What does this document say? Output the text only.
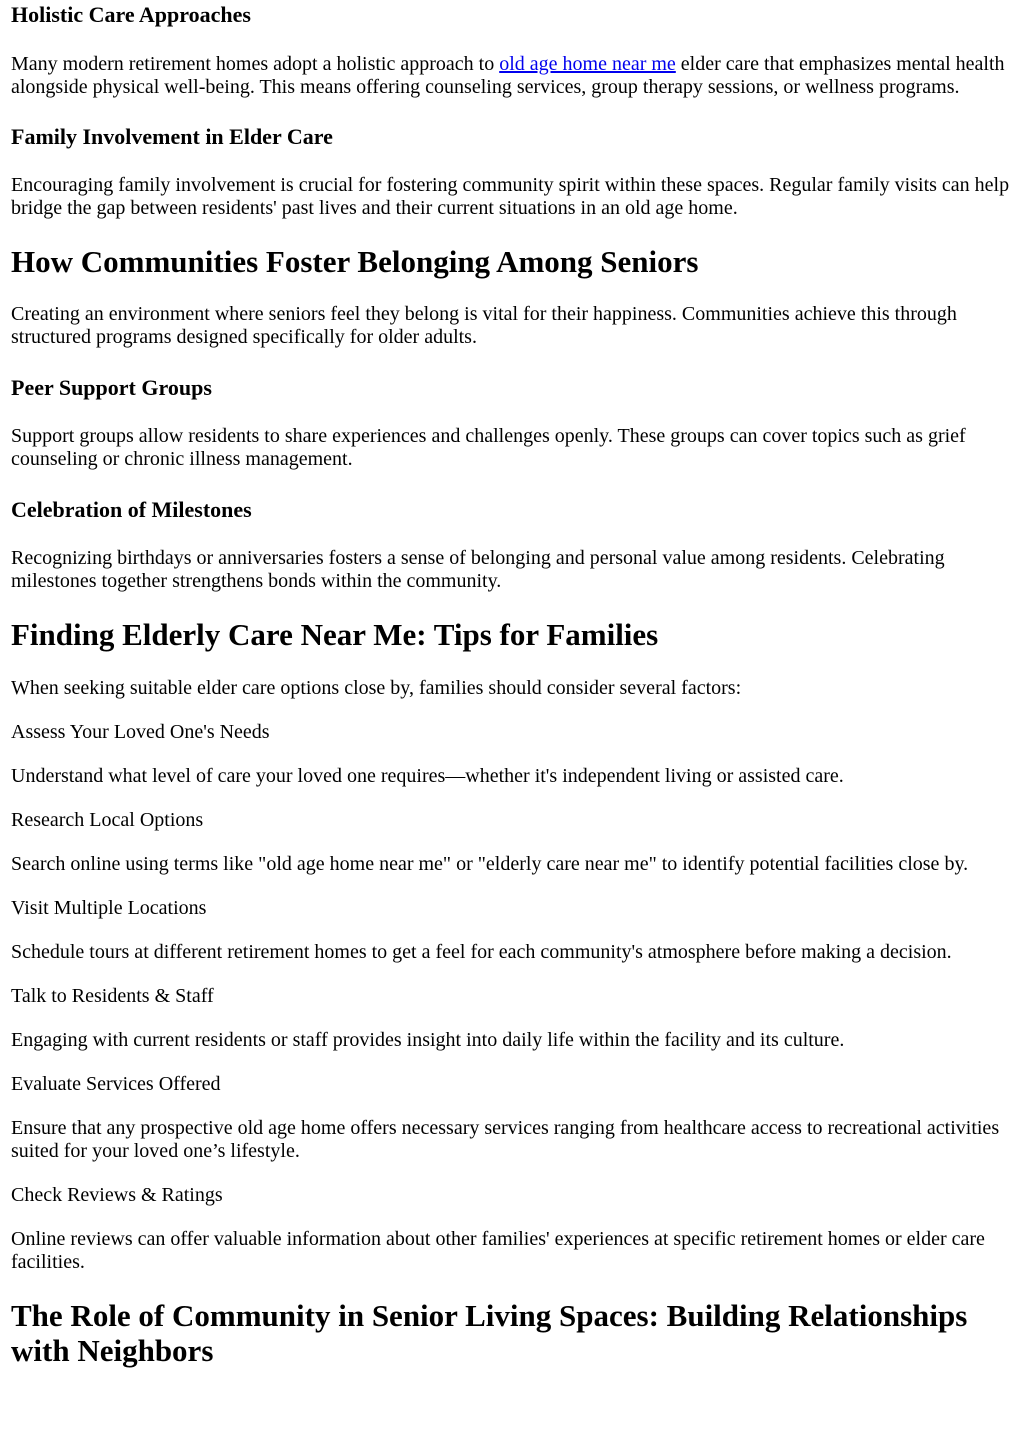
Holistic Care Approaches

Many modern retirement homes adopt a holistic approach to old age home near me elder care that emphasizes mental health alongside physical well-being. This means offering counseling services, group therapy sessions, or wellness programs.

Family Involvement in Elder Care

Encouraging family involvement is crucial for fostering community spirit within these spaces. Regular family visits can help bridge the gap between residents' past lives and their current situations in an old age home.

How Communities Foster Belonging Among Seniors

Creating an environment where seniors feel they belong is vital for their happiness. Communities achieve this through structured programs designed specifically for older adults.

Peer Support Groups

Support groups allow residents to share experiences and challenges openly. These groups can cover topics such as grief counseling or chronic illness management.

Celebration of Milestones

Recognizing birthdays or anniversaries fosters a sense of belonging and personal value among residents. Celebrating milestones together strengthens bonds within the community.

Finding Elderly Care Near Me: Tips for Families

When seeking suitable elder care options close by, families should consider several factors:

Assess Your Loved One's Needs

Understand what level of care your loved one requires—whether it's independent living or assisted care.

Research Local Options

Search online using terms like "old age home near me" or "elderly care near me" to identify potential facilities close by.

Visit Multiple Locations

Schedule tours at different retirement homes to get a feel for each community's atmosphere before making a decision.

Talk to Residents & Staff

Engaging with current residents or staff provides insight into daily life within the facility and its culture.

Evaluate Services Offered

Ensure that any prospective old age home offers necessary services ranging from healthcare access to recreational activities suited for your loved one’s lifestyle.

Check Reviews & Ratings

Online reviews can offer valuable information about other families' experiences at specific retirement homes or elder care facilities.

The Role of Community in Senior Living Spaces: Building Relationships with Neighbors
